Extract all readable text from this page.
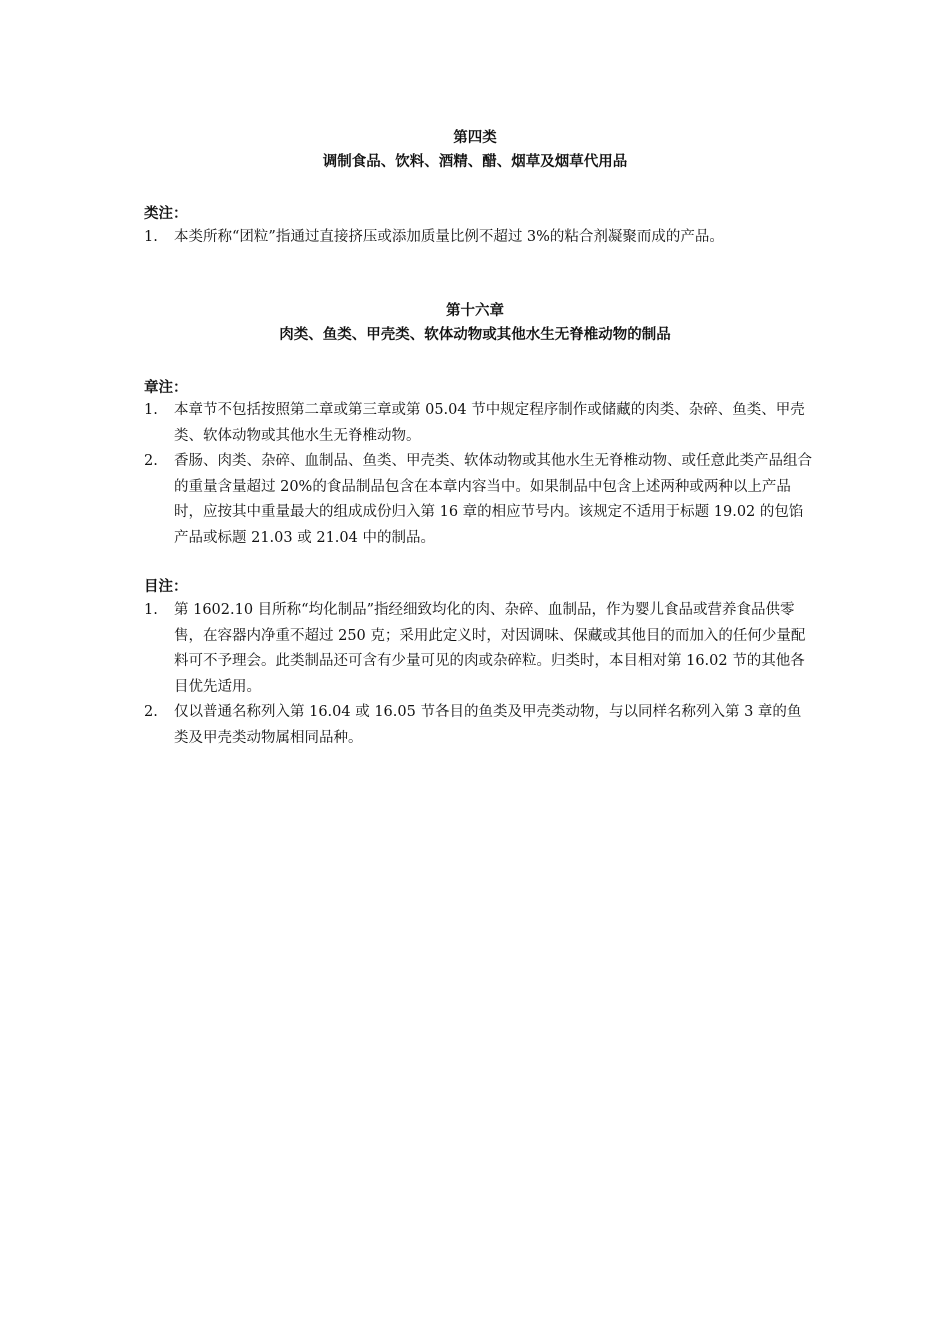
第四类
调制食品、饮料、酒精、醋、烟草及烟草代用品
类注：
1. 本类所称“团粒”指通过直接挤压或添加质量比例不超过 3%的粘合剂凝聚而成的产品。
第十六章
肉类、鱼类、甲壳类、软体动物或其他水生无脊椎动物的制品
章注：
1. 本章节不包括按照第二章或第三章或第 05.04 节中规定程序制作或储藏的肉类、杂碎、鱼类、甲壳类、软体动物或其他水生无脊椎动物。
2. 香肠、肉类、杂碎、血制品、鱼类、甲壳类、软体动物或其他水生无脊椎动物、或任意此类产品组合的重量含量超过 20%的食品制品包含在本章内容当中。如果制品中包含上述两种或两种以上产品时，应按其中重量最大的组成成份归入第 16 章的相应节号内。该规定不适用于标题 19.02 的包馅产品或标题 21.03 或 21.04 中的制品。
目注：
1. 第 1602.10 目所称“均化制品”指经细致均化的肉、杂碎、血制品，作为婴儿食品或营养食品供零售，在容器内净重不超过 250 克；采用此定义时，对因调味、保藏或其他目的而加入的任何少量配料可不予理会。此类制品还可含有少量可见的肉或杂碎粒。归类时，本目相对第 16.02 节的其他各目优先适用。
2. 仅以普通名称列入第 16.04 或 16.05 节各目的鱼类及甲壳类动物，与以同样名称列入第 3 章的鱼类及甲壳类动物属相同品种。
